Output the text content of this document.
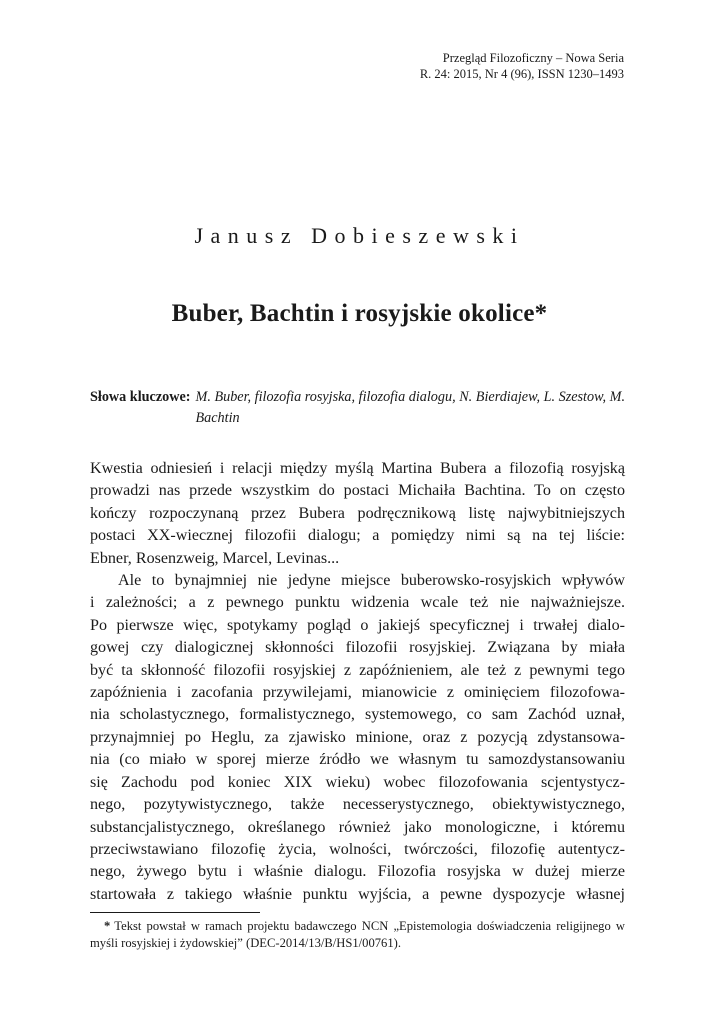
Przegląd Filozoficzny – Nowa Seria
R. 24: 2015, Nr 4 (96), ISSN 1230–1493
Janusz Dobieszewski
Buber, Bachtin i rosyjskie okolice*
Słowa kluczowe: M. Buber, filozofia rosyjska, filozofia dialogu, N. Bierdiajew, L. Szestow, M. Bachtin

Kwestia odniesień i relacji między myślą Martina Bubera a filozofią rosyjską
prowadzi nas przede wszystkim do postaci Michaiła Bachtina. To on często
kończy rozpoczynaną przez Bubera podręcznikową listę najwybitniejszych
postaci XX-wiecznej filozofii dialogu; a pomiędzy nimi są na tej liście:
Ebner, Rosenzweig, Marcel, Levinas...

Ale to bynajmniej nie jedyne miejsce buberowsko-rosyjskich wpływów
i zależności; a z pewnego punktu widzenia wcale też nie najważniejsze.
Po pierwsze więc, spotykamy pogląd o jakiejś specyficznej i trwałej dialo-
gowej czy dialogicznej skłonności filozofii rosyjskiej. Związana by miała
być ta skłonność filozofii rosyjskiej z zapóźnieniem, ale też z pewnymi tego
zapóźnienia i zacofania przywilejami, mianowicie z ominięciem filozofowa-
nia scholastycznego, formalistycznego, systemowego, co sam Zachód uznał,
przynajmniej po Heglu, za zjawisko minione, oraz z pozycją zdystansowa-
nia (co miało w sporej mierze źródło we własnym tu samozdystansowaniu
się Zachodu pod koniec XIX wieku) wobec filozofowania scjentystycz-
nego, pozytywistycznego, także necesserystycznego, obiektywistycznego,
substancjalistycznego, określanego również jako monologiczne, i któremu
przeciwstawiano filozofię życia, wolności, twórczości, filozofię autentycz-
nego, żywego bytu i właśnie dialogu. Filozofia rosyjska w dużej mierze
startowała z takiego właśnie punktu wyjścia, a pewne dyspozycje własnej

* Tekst powstał w ramach projektu badawczego NCN „Epistemologia doświadczenia religijnego w myśli rosyjskiej i żydowskiej” (DEC-2014/13/B/HS1/00761).
